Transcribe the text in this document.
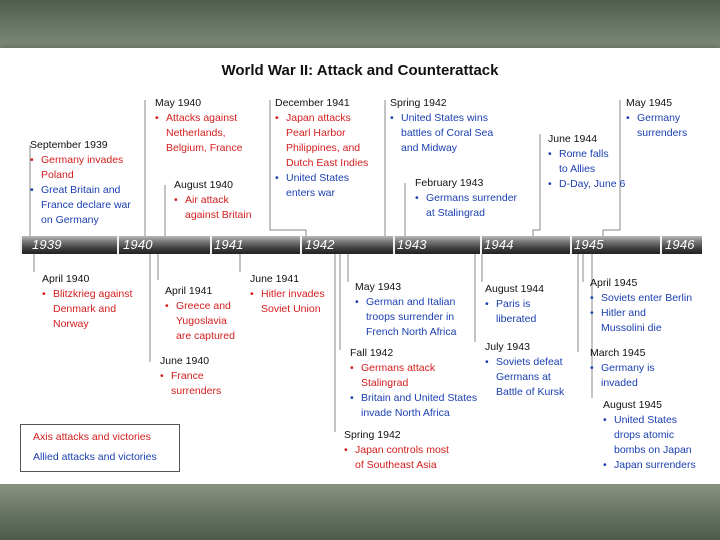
World War II: Attack and Counterattack
1939	1940	1941	1942	1943	1944	1945	1946
September 1939
• Germany invades
Poland
• Great Britain and
France declare war
on Germany
May 1940
• Attacks against
Netherlands,
Belgium, France
August 1940
• Air attack
against Britain
December 1941
• Japan attacks
Pearl Harbor
Philippines, and
Dutch East Indies
• United States
enters war
Spring 1942
• United States wins
battles of Coral Sea
and Midway
February 1943
• Germans surrender
at Stalingrad
June 1944
• Rome falls
to Allies
• D-Day, June 6
May 1945
• Germany
surrenders
April 1940
• Blitzkrieg against
Denmark and
Norway
April 1941
• Greece and
Yugoslavia
are captured
June 1941
• Hitler invades
Soviet Union
June 1940
• France
surrenders
May 1943
• German and Italian
troops surrender in
French North Africa
Fall 1942
• Germans attack
Stalingrad
• Britain and United States
invade North Africa
Spring 1942
• Japan controls most
of Southeast Asia
August 1944
• Paris is
liberated
July 1943
• Soviets defeat
Germans at
Battle of Kursk
April 1945
• Soviets enter Berlin
• Hitler and
Mussolini die
March 1945
• Germany is
invaded
August 1945
• United States
drops atomic
bombs on Japan
• Japan surrenders
Axis attacks and victories
Allied attacks and victories
